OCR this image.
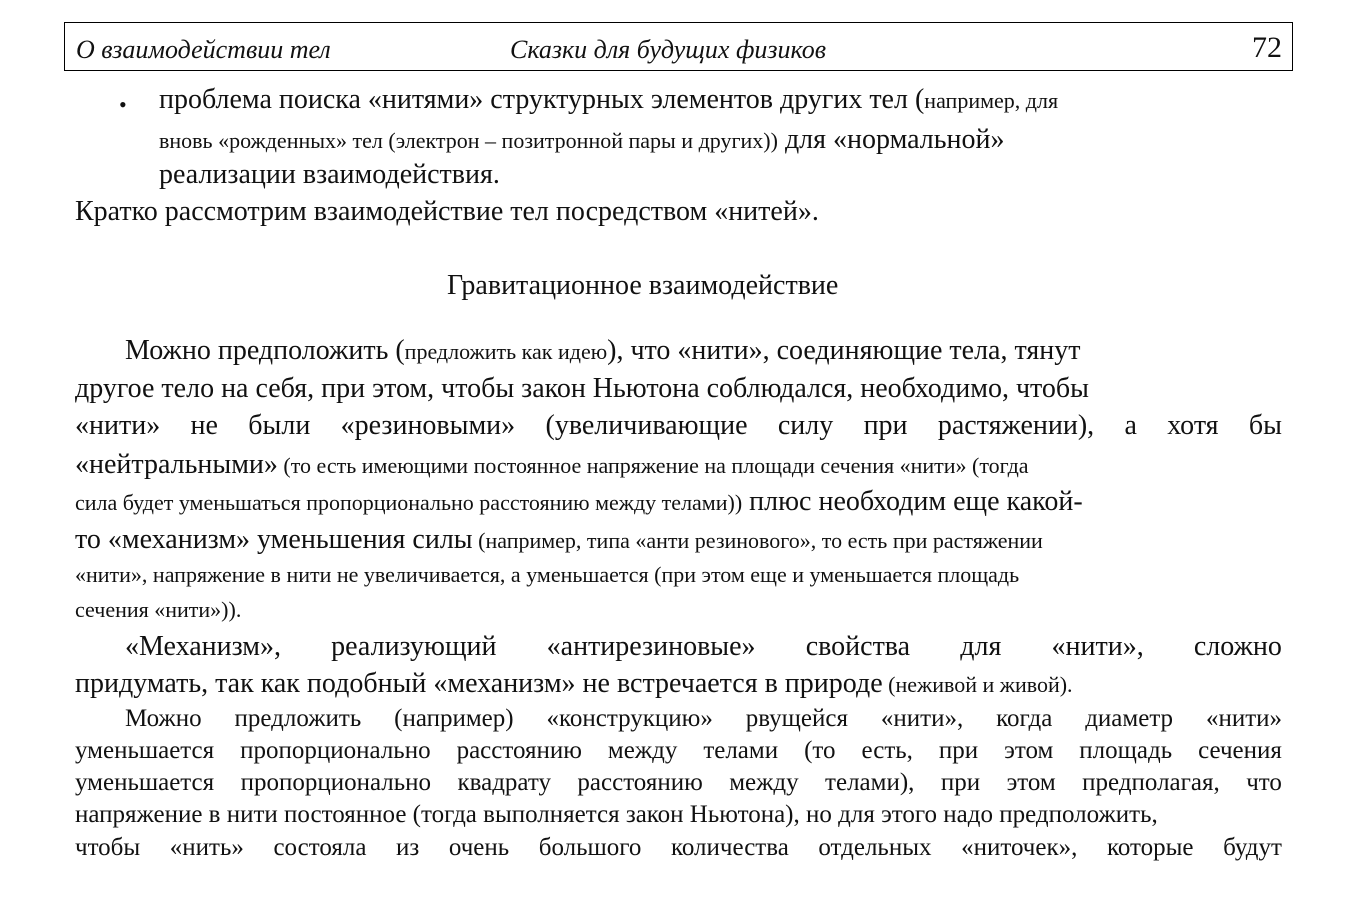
О взаимодействии тел	Сказки для будущих физиков	72
• проблема поиска «нитями» структурных элементов других тел (например, для
вновь «рожденных» тел (электрон – позитронной пары и других)) для «нормальной»
реализации взаимодействия.
Кратко рассмотрим взаимодействие тел посредством «нитей».
Гравитационное взаимодействие
Можно предположить (предложить как идею), что «нити», соединяющие тела, тянут
другое тело на себя, при этом, чтобы закон Ньютона соблюдался, необходимо, чтобы
«нити» не были «резиновыми» (увеличивающие силу при растяжении), а хотя бы
«нейтральными» (то есть имеющими постоянное напряжение на площади сечения «нити» (тогда
сила будет уменьшаться пропорционально расстоянию между телами)) плюс необходим еще какой-
то «механизм» уменьшения силы (например, типа «анти резинового», то есть при растяжении
«нити», напряжение в нити не увеличивается, а уменьшается (при этом еще и уменьшается площадь
сечения «нити»)).
«Механизм», реализующий «антирезиновые» свойства для «нити», сложно
придумать, так как подобный «механизм» не встречается в природе (неживой и живой).
Можно предложить (например) «конструкцию» рвущейся «нити», когда диаметр «нити»
уменьшается пропорционально расстоянию между телами (то есть, при этом площадь сечения
уменьшается пропорционально квадрату расстоянию между телами), при этом предполагая, что
напряжение в нити постоянное (тогда выполняется закон Ньютона), но для этого надо предположить,
чтобы «нить» состояла из очень большого количества отдельных «ниточек», которые будут
